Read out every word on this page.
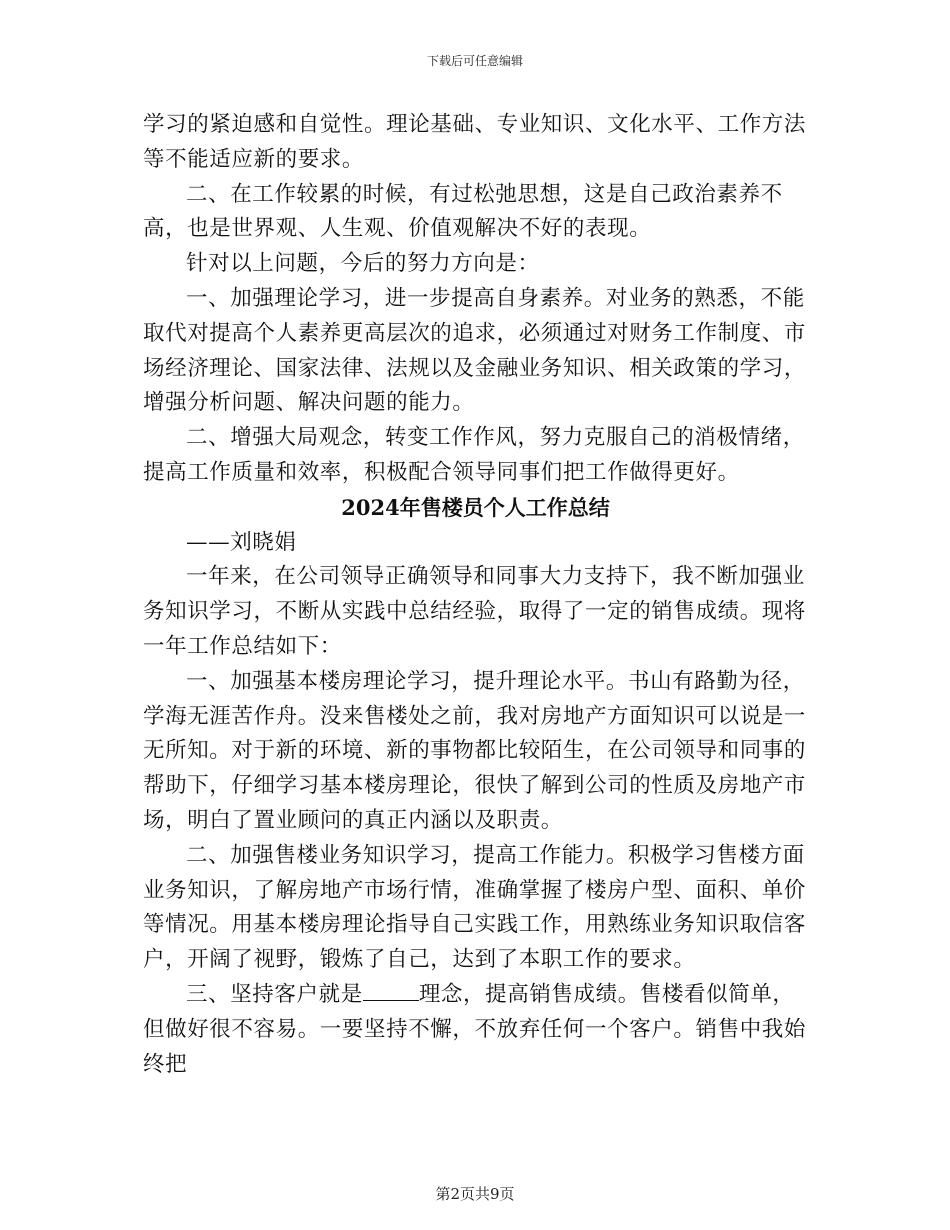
下载后可任意编辑

学习的紧迫感和自觉性。理论基础、专业知识、文化水平、工作方法等不能适应新的要求。

二、在工作较累的时候，有过松弛思想，这是自己政治素养不高，也是世界观、人生观、价值观解决不好的表现。

针对以上问题，今后的努力方向是：

一、加强理论学习，进一步提高自身素养。对业务的熟悉，不能取代对提高个人素养更高层次的追求，必须通过对财务工作制度、市场经济理论、国家法律、法规以及金融业务知识、相关政策的学习，增强分析问题、解决问题的能力。

二、增强大局观念，转变工作作风，努力克服自己的消极情绪，提高工作质量和效率，积极配合领导同事们把工作做得更好。

2024年售楼员个人工作总结

——刘晓娟

一年来，在公司领导正确领导和同事大力支持下，我不断加强业务知识学习，不断从实践中总结经验，取得了一定的销售成绩。现将一年工作总结如下：

一、加强基本楼房理论学习，提升理论水平。书山有路勤为径，学海无涯苦作舟。没来售楼处之前，我对房地产方面知识可以说是一无所知。对于新的环境、新的事物都比较陌生，在公司领导和同事的帮助下，仔细学习基本楼房理论，很快了解到公司的性质及房地产市场，明白了置业顾问的真正内涵以及职责。

二、加强售楼业务知识学习，提高工作能力。积极学习售楼方面业务知识，了解房地产市场行情，准确掌握了楼房户型、面积、单价等情况。用基本楼房理论指导自己实践工作，用熟练业务知识取信客户，开阔了视野，锻炼了自己，达到了本职工作的要求。

三、坚持客户就是	理念，提高销售成绩。售楼看似简单，但做好很不容易。一要坚持不懈，不放弃任何一个客户。销售中我始终把

第2页共9页
